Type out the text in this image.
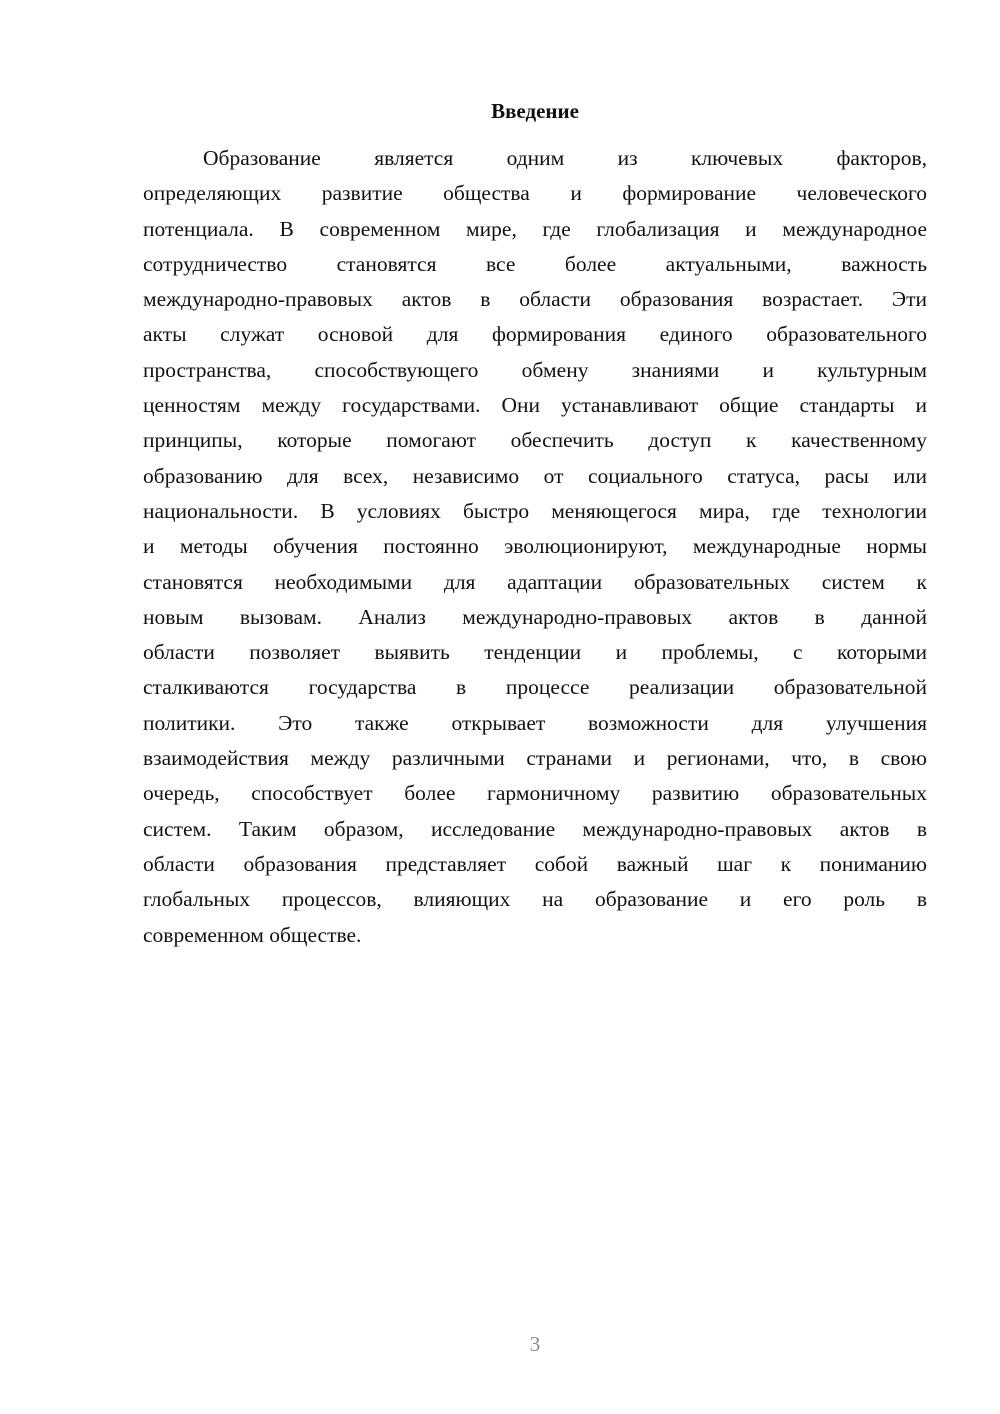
Введение
Образование является одним из ключевых факторов,
определяющих развитие общества и формирование человеческого
потенциала. В современном мире, где глобализация и международное
сотрудничество становятся все более актуальными, важность
международно-правовых актов в области образования возрастает. Эти
акты служат основой для формирования единого образовательного
пространства, способствующего обмену знаниями и культурным
ценностям между государствами. Они устанавливают общие стандарты и
принципы, которые помогают обеспечить доступ к качественному
образованию для всех, независимо от социального статуса, расы или
национальности. В условиях быстро меняющегося мира, где технологии
и методы обучения постоянно эволюционируют, международные нормы
становятся необходимыми для адаптации образовательных систем к
новым вызовам. Анализ международно-правовых актов в данной
области позволяет выявить тенденции и проблемы, с которыми
сталкиваются государства в процессе реализации образовательной
политики. Это также открывает возможности для улучшения
взаимодействия между различными странами и регионами, что, в свою
очередь, способствует более гармоничному развитию образовательных
систем. Таким образом, исследование международно-правовых актов в
области образования представляет собой важный шаг к пониманию
глобальных процессов, влияющих на образование и его роль в
современном обществе.
3
